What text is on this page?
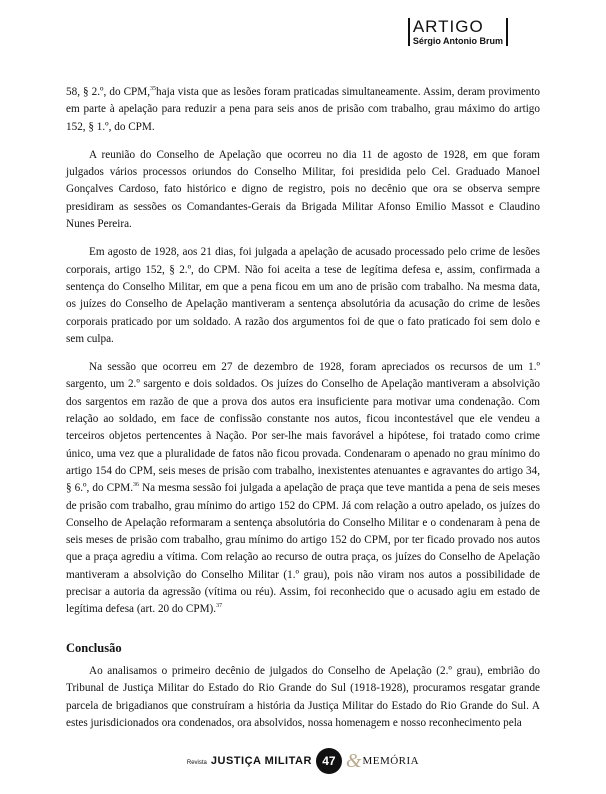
ARTIGO
Sérgio Antonio Brum

58, § 2.º, do CPM,$^{35}$haja vista que as lesões foram praticadas simultaneamente. Assim, deram provimento em parte à apelação para reduzir a pena para seis anos de prisão com trabalho, grau máximo do artigo 152, § 1.º, do CPM.

A reunião do Conselho de Apelação que ocorreu no dia 11 de agosto de 1928, em que foram julgados vários processos oriundos do Conselho Militar, foi presidida pelo Cel. Graduado Manoel Gonçalves Cardoso, fato histórico e digno de registro, pois no decênio que ora se observa sempre presidiram as sessões os Comandantes-Gerais da Brigada Militar Afonso Emilio Massot e Claudino Nunes Pereira.

Em agosto de 1928, aos 21 dias, foi julgada a apelação de acusado processado pelo crime de lesões corporais, artigo 152, § 2.º, do CPM. Não foi aceita a tese de legítima defesa e, assim, confirmada a sentença do Conselho Militar, em que a pena ficou em um ano de prisão com trabalho. Na mesma data, os juízes do Conselho de Apelação mantiveram a sentença absolutória da acusação do crime de lesões corporais praticado por um soldado. A razão dos argumentos foi de que o fato praticado foi sem dolo e sem culpa.

Na sessão que ocorreu em 27 de dezembro de 1928, foram apreciados os recursos de um 1.º sargento, um 2.º sargento e dois soldados. Os juízes do Conselho de Apelação mantiveram a absolvição dos sargentos em razão de que a prova dos autos era insuficiente para motivar uma condenação. Com relação ao soldado, em face de confissão constante nos autos, ficou incontestável que ele vendeu a terceiros objetos pertencentes à Nação. Por ser-lhe mais favorável a hipótese, foi tratado como crime único, uma vez que a pluralidade de fatos não ficou provada. Condenaram o apenado no grau mínimo do artigo 154 do CPM, seis meses de prisão com trabalho, inexistentes atenuantes e agravantes do artigo 34, § 6.º, do CPM.$^{36}$ Na mesma sessão foi julgada a apelação de praça que teve mantida a pena de seis meses de prisão com trabalho, grau mínimo do artigo 152 do CPM. Já com relação a outro apelado, os juízes do Conselho de Apelação reformaram a sentença absolutória do Conselho Militar e o condenaram à pena de seis meses de prisão com trabalho, grau mínimo do artigo 152 do CPM, por ter ficado provado nos autos que a praça agrediu a vítima. Com relação ao recurso de outra praça, os juízes do Conselho de Apelação mantiveram a absolvição do Conselho Militar (1.º grau), pois não viram nos autos a possibilidade de precisar a autoria da agressão (vítima ou réu). Assim, foi reconhecido que o acusado agiu em estado de legítima defesa (art. 20 do CPM).$^{37}$

Conclusão

Ao analisamos o primeiro decênio de julgados do Conselho de Apelação (2.º grau), embrião do Tribunal de Justiça Militar do Estado do Rio Grande do Sul (1918-1928), procuramos resgatar grande parcela de brigadianos que construíram a história da Justiça Militar do Estado do Rio Grande do Sul. A estes jurisdicionados ora condenados, ora absolvidos, nossa homenagem e nosso reconhecimento pela

Revista JUSTIÇA MILITAR 47 & MEMÓRIA
